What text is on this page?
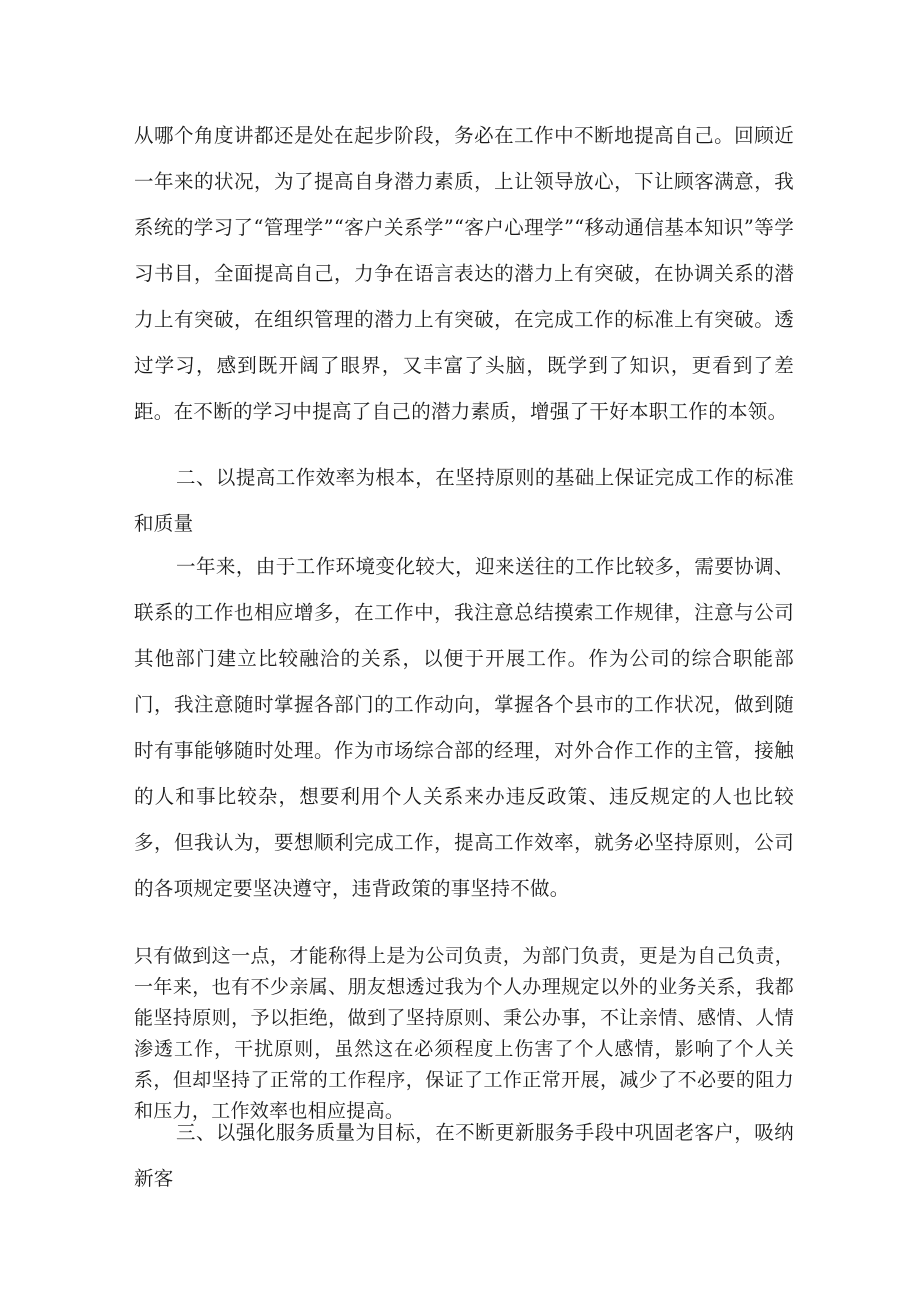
从哪个角度讲都还是处在起步阶段，务必在工作中不断地提高自己。回顾近一年来的状况，为了提高自身潜力素质，上让领导放心，下让顾客满意，我系统的学习了“管理学”“客户关系学”“客户心理学”“移动通信基本知识”等学习书目，全面提高自己，力争在语言表达的潜力上有突破，在协调关系的潜力上有突破，在组织管理的潜力上有突破，在完成工作的标准上有突破。透过学习，感到既开阔了眼界，又丰富了头脑，既学到了知识，更看到了差距。在不断的学习中提高了自己的潜力素质，增强了干好本职工作的本领。

二、以提高工作效率为根本，在坚持原则的基础上保证完成工作的标准和质量

一年来，由于工作环境变化较大，迎来送往的工作比较多，需要协调、联系的工作也相应增多，在工作中，我注意总结摸索工作规律，注意与公司其他部门建立比较融洽的关系，以便于开展工作。作为公司的综合职能部门，我注意随时掌握各部门的工作动向，掌握各个县市的工作状况，做到随时有事能够随时处理。作为市场综合部的经理，对外合作工作的主管，接触的人和事比较杂，想要利用个人关系来办违反政策、违反规定的人也比较多，但我认为，要想顺利完成工作，提高工作效率，就务必坚持原则，公司的各项规定要坚决遵守，违背政策的事坚持不做。

只有做到这一点，才能称得上是为公司负责，为部门负责，更是为自己负责，一年来，也有不少亲属、朋友想透过我为个人办理规定以外的业务关系，我都能坚持原则，予以拒绝，做到了坚持原则、秉公办事，不让亲情、感情、人情渗透工作，干扰原则，虽然这在必须程度上伤害了个人感情，影响了个人关系，但却坚持了正常的工作程序，保证了工作正常开展，减少了不必要的阻力和压力，工作效率也相应提高。

三、以强化服务质量为目标，在不断更新服务手段中巩固老客户，吸纳新客
